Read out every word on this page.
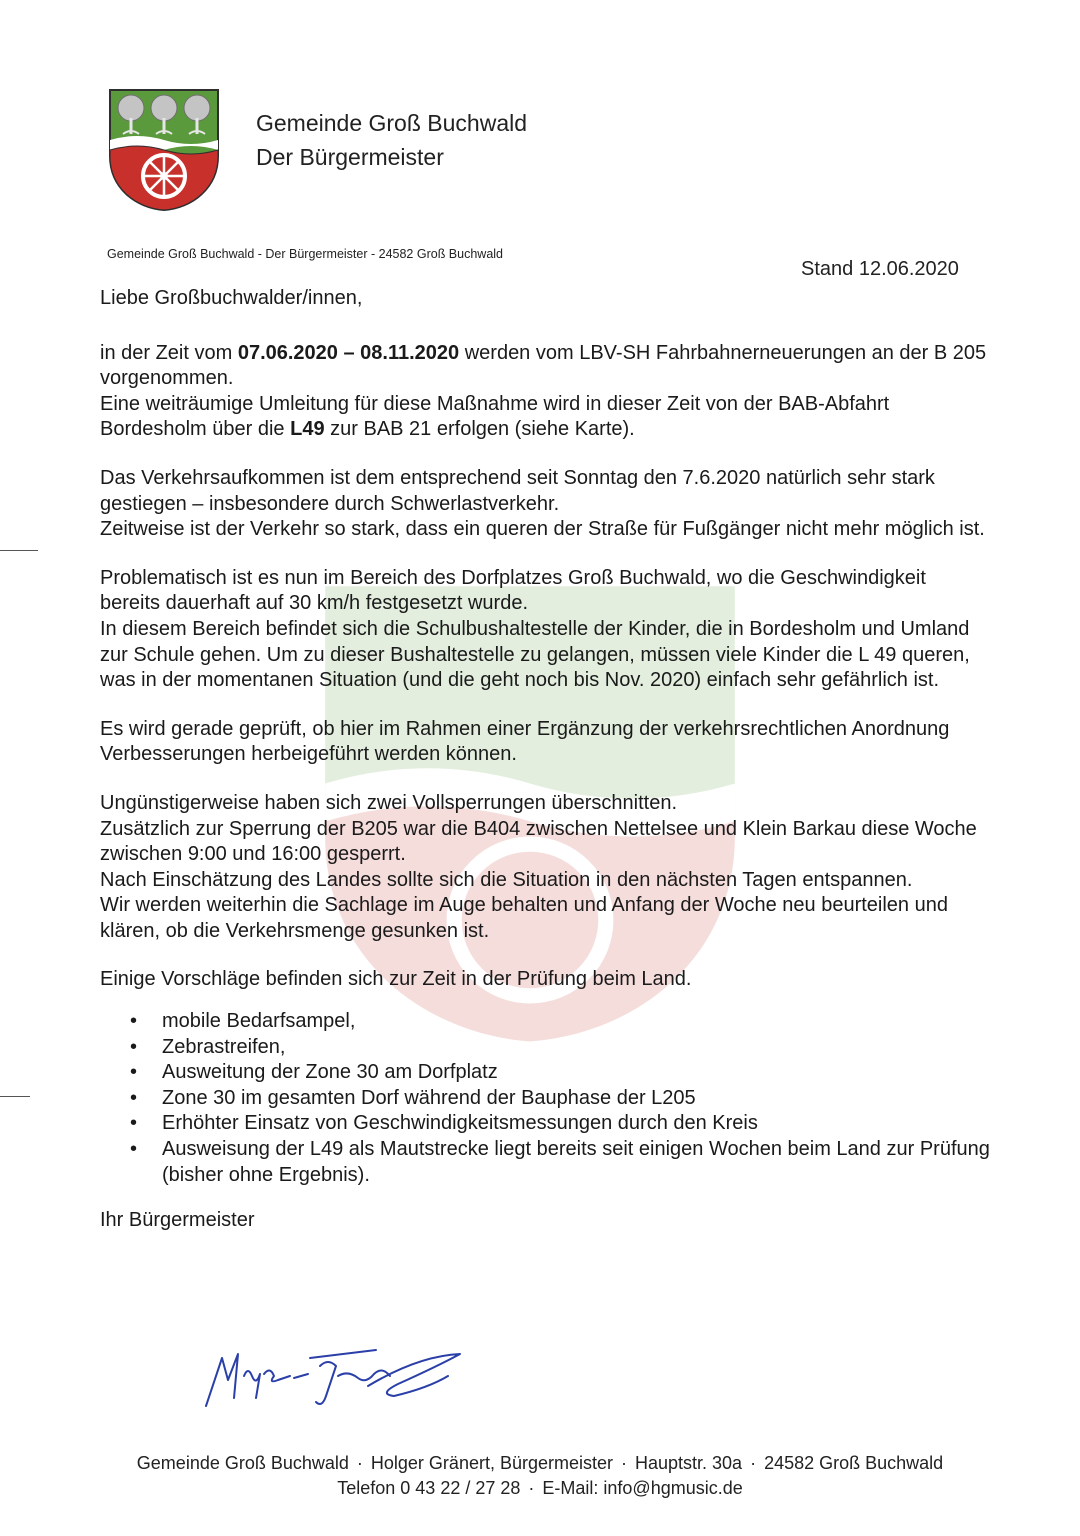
Gemeinde Groß Buchwald
Der Bürgermeister
Gemeinde Groß Buchwald - Der Bürgermeister - 24582 Groß Buchwald
Stand 12.06.2020

Liebe Großbuchwalder/innen,

in der Zeit vom 07.06.2020 – 08.11.2020 werden vom LBV-SH Fahrbahnerneuerungen an der B 205 vorgenommen.
Eine weiträumige Umleitung für diese Maßnahme wird in dieser Zeit von der BAB-Abfahrt Bordesholm über die L49 zur BAB 21 erfolgen (siehe Karte).

Das Verkehrsaufkommen ist dem entsprechend seit Sonntag den 7.6.2020 natürlich sehr stark gestiegen – insbesondere durch Schwerlastverkehr.
Zeitweise ist der Verkehr so stark, dass ein queren der Straße für Fußgänger nicht mehr möglich ist.

Problematisch ist es nun im Bereich des Dorfplatzes Groß Buchwald, wo die Geschwindigkeit bereits dauerhaft auf 30 km/h festgesetzt wurde.
In diesem Bereich befindet sich die Schulbushaltestelle der Kinder, die in Bordesholm und Umland zur Schule gehen. Um zu dieser Bushaltestelle zu gelangen, müssen viele Kinder die L 49 queren, was in der momentanen Situation (und die geht noch bis Nov. 2020) einfach sehr gefährlich ist.

Es wird gerade geprüft, ob hier im Rahmen einer Ergänzung der verkehrsrechtlichen Anordnung Verbesserungen herbeigeführt werden können.

Ungünstigerweise haben sich zwei Vollsperrungen überschnitten.
Zusätzlich zur Sperrung der B205 war die B404 zwischen Nettelsee und Klein Barkau diese Woche zwischen 9:00 und 16:00 gesperrt.
Nach Einschätzung des Landes sollte sich die Situation in den nächsten Tagen entspannen.
Wir werden weiterhin die Sachlage im Auge behalten und Anfang der Woche neu beurteilen und klären, ob die Verkehrsmenge gesunken ist.

Einige Vorschläge befinden sich zur Zeit in der Prüfung beim Land.

• mobile Bedarfsampel,
• Zebrastreifen,
• Ausweitung der Zone 30 am Dorfplatz
• Zone 30 im gesamten Dorf während der Bauphase der L205
• Erhöhter Einsatz von Geschwindigkeitsmessungen durch den Kreis
• Ausweisung der L49 als Mautstrecke liegt bereits seit einigen Wochen beim Land zur Prüfung (bisher ohne Ergebnis).

Ihr Bürgermeister

Gemeinde Groß Buchwald · Holger Gränert, Bürgermeister · Hauptstr. 30a · 24582 Groß Buchwald
Telefon 0 43 22 / 27 28 · E-Mail: info@hgmusic.de
